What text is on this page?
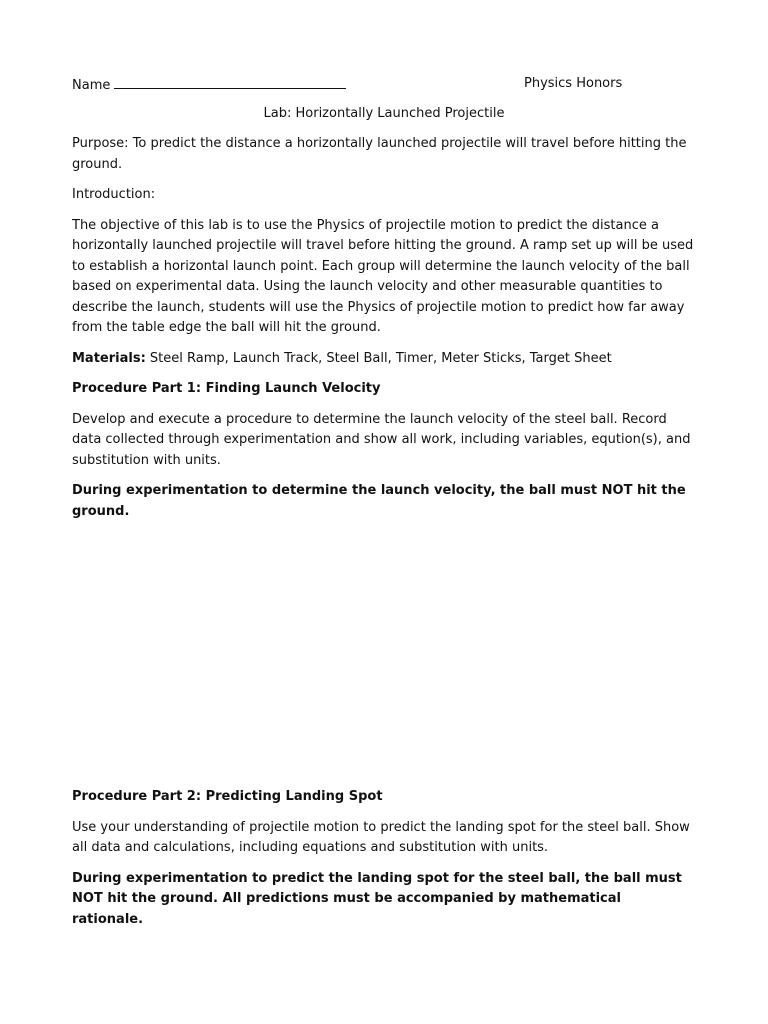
Name	Physics Honors
Lab: Horizontally Launched Projectile

Purpose: To predict the distance a horizontally launched projectile will travel before hitting the ground.

Introduction:

The objective of this lab is to use the Physics of projectile motion to predict the distance a horizontally launched projectile will travel before hitting the ground. A ramp set up will be used to establish a horizontal launch point. Each group will determine the launch velocity of the ball based on experimental data. Using the launch velocity and other measurable quantities to describe the launch, students will use the Physics of projectile motion to predict how far away from the table edge the ball will hit the ground.

Materials: Steel Ramp, Launch Track, Steel Ball, Timer, Meter Sticks, Target Sheet

Procedure Part 1: Finding Launch Velocity

Develop and execute a procedure to determine the launch velocity of the steel ball. Record data collected through experimentation and show all work, including variables, eqution(s), and substitution with units.

During experimentation to determine the launch velocity, the ball must NOT hit the ground.

Procedure Part 2: Predicting Landing Spot

Use your understanding of projectile motion to predict the landing spot for the steel ball. Show all data and calculations, including equations and substitution with units.

During experimentation to predict the landing spot for the steel ball, the ball must NOT hit the ground. All predictions must be accompanied by mathematical rationale.
